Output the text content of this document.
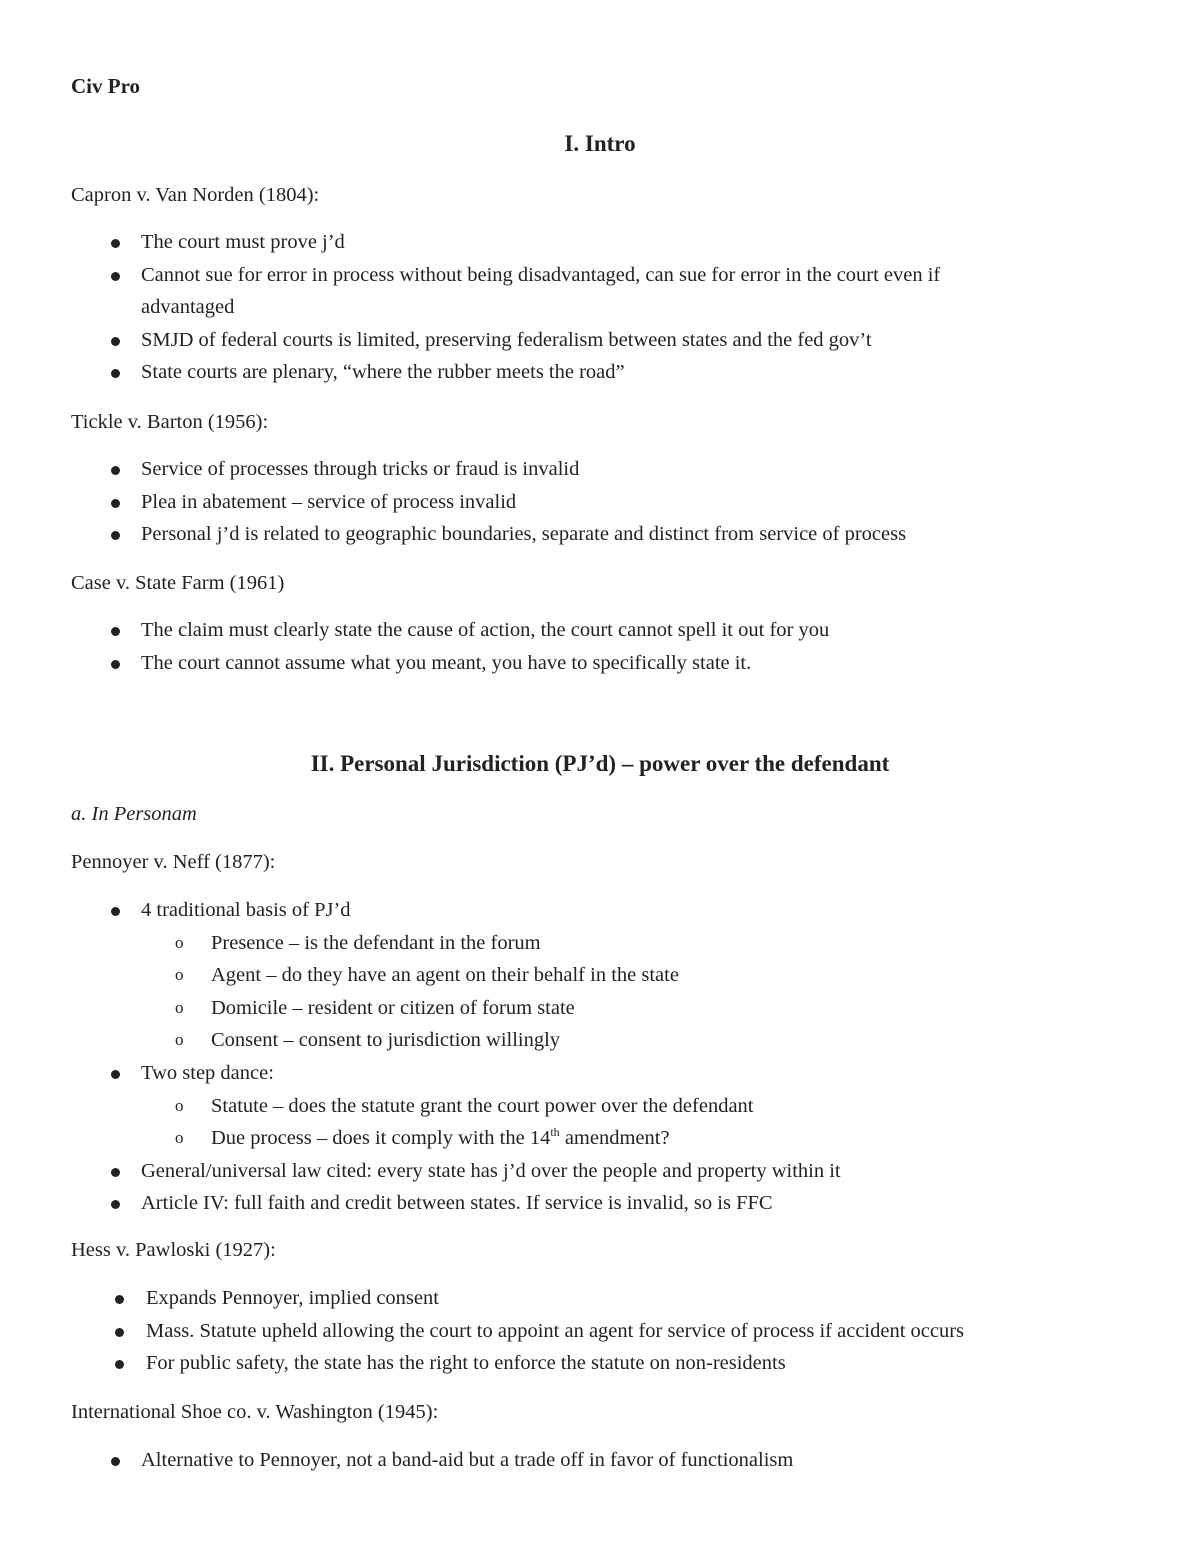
Civ Pro

I. Intro

Capron v. Van Norden (1804):

The court must prove j’d
Cannot sue for error in process without being disadvantaged, can sue for error in the court even if
advantaged
SMJD of federal courts is limited, preserving federalism between states and the fed gov’t
State courts are plenary, “where the rubber meets the road”

Tickle v. Barton (1956):

Service of processes through tricks or fraud is invalid
Plea in abatement – service of process invalid
Personal j’d is related to geographic boundaries, separate and distinct from service of process

Case v. State Farm (1961)

The claim must clearly state the cause of action, the court cannot spell it out for you
The court cannot assume what you meant, you have to specifically state it.

II. Personal Jurisdiction (PJ’d) – power over the defendant

a. In Personam

Pennoyer v. Neff (1877):

4 traditional basis of PJ’d
o Presence – is the defendant in the forum
o Agent – do they have an agent on their behalf in the state
o Domicile – resident or citizen of forum state
o Consent – consent to jurisdiction willingly
Two step dance:
o Statute – does the statute grant the court power over the defendant
o Due process – does it comply with the 14th amendment?
General/universal law cited: every state has j’d over the people and property within it
Article IV: full faith and credit between states. If service is invalid, so is FFC

Hess v. Pawloski (1927):

Expands Pennoyer, implied consent
Mass. Statute upheld allowing the court to appoint an agent for service of process if accident occurs
For public safety, the state has the right to enforce the statute on non-residents

International Shoe co. v. Washington (1945):

Alternative to Pennoyer, not a band-aid but a trade off in favor of functionalism
